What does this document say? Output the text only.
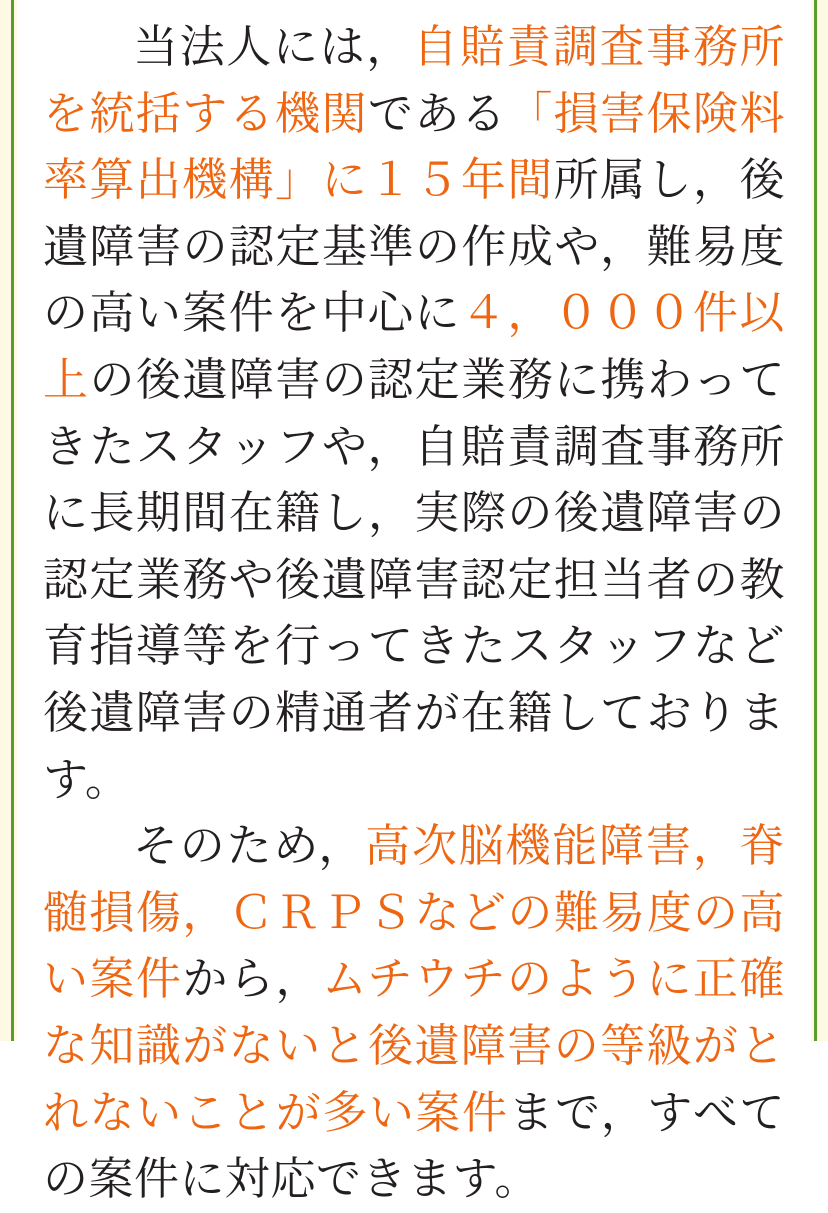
当法人には，自賠責調査事務所を統括する機関である「損害保険料率算出機構」に１５年間所属し，後遺障害の認定基準の作成や，難易度の高い案件を中心に４，０００件以上の後遺障害の認定業務に携わってきたスタッフや，自賠責調査事務所に長期間在籍し，実際の後遺障害の認定業務や後遺障害認定担当者の教育指導等を行ってきたスタッフなど後遺障害の精通者が在籍しております。

そのため，高次脳機能障害，脊髄損傷，ＣＲＰＳなどの難易度の高い案件から，ムチウチのように正確な知識がないと後遺障害の等級がとれないことが多い案件まで，すべての案件に対応できます。
